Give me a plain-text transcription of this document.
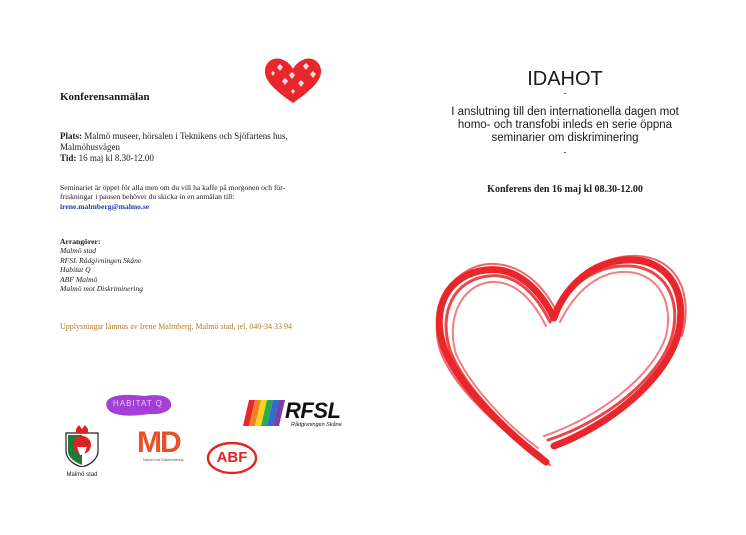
Konferensanmälan
Plats: Malmö museer, hörsalen i Teknikens och Sjöfartens hus,
Malmöhusvägen
Tid: 16 maj kl 8.30-12.00
Seminariet är öppet för alla men om du vill ha kaffe på morgonen och för-
friskningar i pausen behöver du skicka in en anmälan till:
irene.malmberg@malmo.se
Arrangörer:
Malmö stad
RFSL Rådgivningen Skåne
Habitat Q
ABF Malmö
Malmö mot Diskriminering
Upplysningar lämnas av Irene Malmberg, Malmö stad, tel. 040-34 33 94
HABITAT Q
Malmö stad
MD
Malmö mot Diskriminering	ABF
RFSL
Rådgivningen Skåne
IDAHOT
-
I anslutning till den internationella dagen mot
homo- och transfobi inleds en serie öppna
seminarier om diskriminering
-
Konferens den 16 maj kl 08.30-12.00
